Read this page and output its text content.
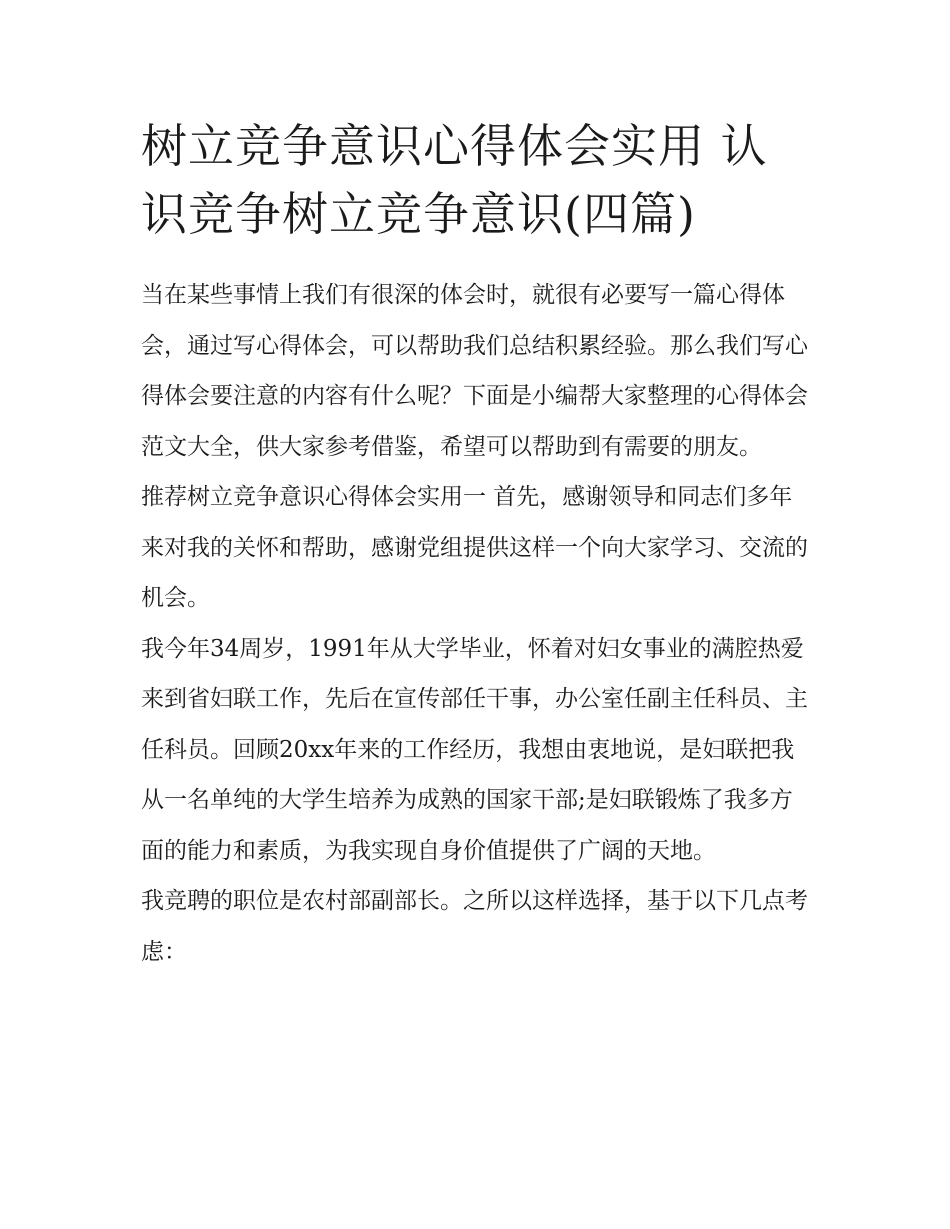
树立竞争意识心得体会实用 认识竞争树立竞争意识(四篇)

当在某些事情上我们有很深的体会时，就很有必要写一篇心得体会，通过写心得体会，可以帮助我们总结积累经验。那么我们写心得体会要注意的内容有什么呢？下面是小编帮大家整理的心得体会范文大全，供大家参考借鉴，希望可以帮助到有需要的朋友。

推荐树立竞争意识心得体会实用一 首先，感谢领导和同志们多年来对我的关怀和帮助，感谢党组提供这样一个向大家学习、交流的机会。

我今年34周岁，1991年从大学毕业，怀着对妇女事业的满腔热爱来到省妇联工作，先后在宣传部任干事，办公室任副主任科员、主任科员。回顾20xx年来的工作经历，我想由衷地说，是妇联把我从一名单纯的大学生培养为成熟的国家干部;是妇联锻炼了我多方面的能力和素质，为我实现自身价值提供了广阔的天地。

我竞聘的职位是农村部副部长。之所以这样选择，基于以下几点考虑：
